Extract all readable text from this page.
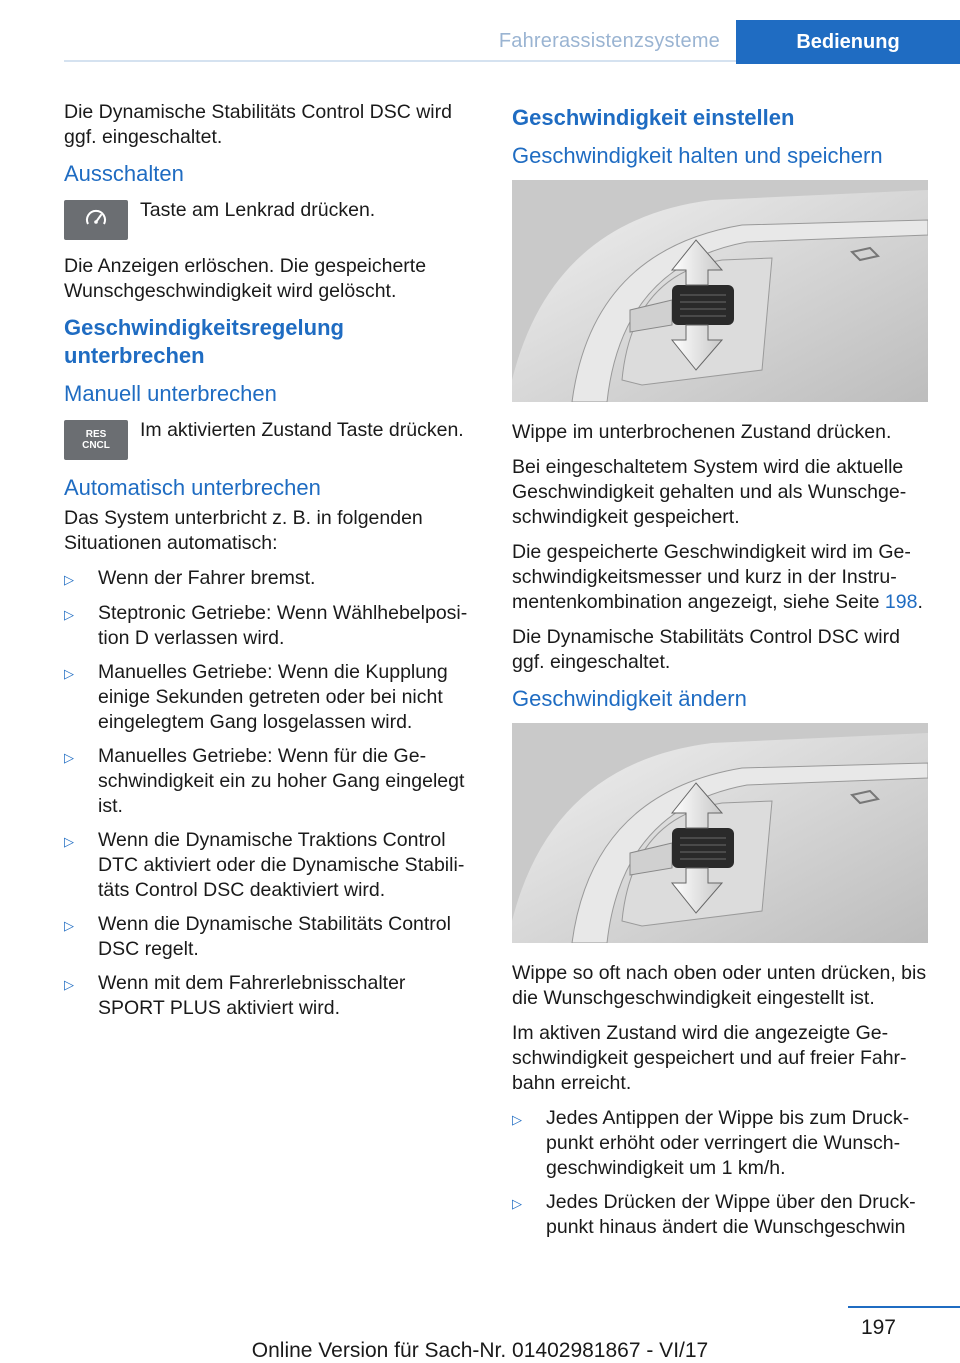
Fahrerassistenzsysteme	Bedienung

Die Dynamische Stabilitäts Control DSC wird ggf. eingeschaltet.

Ausschalten

Taste am Lenkrad drücken.

Die Anzeigen erlöschen. Die gespeicherte Wunschgeschwindigkeit wird gelöscht.

Geschwindigkeitsregelung unterbrechen
Manuell unterbrechen
RES
CNCL

Im aktivierten Zustand Taste drücken.

Automatisch unterbrechen

Das System unterbricht z. B. in folgenden Situationen automatisch:

▷	Wenn der Fahrer bremst.
▷	Steptronic Getriebe: Wenn Wählhebelposition D verlassen wird.
▷	Manuelles Getriebe: Wenn die Kupplung einige Sekunden getreten oder bei nicht eingelegtem Gang losgelassen wird.
▷	Manuelles Getriebe: Wenn für die Geschwindigkeit ein zu hoher Gang eingelegt ist.
▷	Wenn die Dynamische Traktions Control DTC aktiviert oder die Dynamische Stabilitäts Control DSC deaktiviert wird.
▷	Wenn die Dynamische Stabilitäts Control DSC regelt.
▷	Wenn mit dem Fahrerlebnisschalter SPORT PLUS aktiviert wird.
Geschwindigkeit einstellen
Geschwindigkeit halten und speichern

Wippe im unterbrochenen Zustand drücken.

Bei eingeschaltetem System wird die aktuelle Geschwindigkeit gehalten und als Wunschgeschwindigkeit gespeichert.

Die gespeicherte Geschwindigkeit wird im Geschwindigkeitsmesser und kurz in der Instrumentenkombination angezeigt, siehe Seite 198.

Die Dynamische Stabilitäts Control DSC wird ggf. eingeschaltet.

Geschwindigkeit ändern

Wippe so oft nach oben oder unten drücken, bis die Wunschgeschwindigkeit eingestellt ist.

Im aktiven Zustand wird die angezeigte Geschwindigkeit gespeichert und auf freier Fahrbahn erreicht.

▷	Jedes Antippen der Wippe bis zum Druckpunkt erhöht oder verringert die Wunschgeschwindigkeit um 1 km/h.
▷	Jedes Drücken der Wippe über den Druckpunkt hinaus ändert die Wunschgeschwin
197
Online Version für Sach-Nr. 01402981867 - VI/17
